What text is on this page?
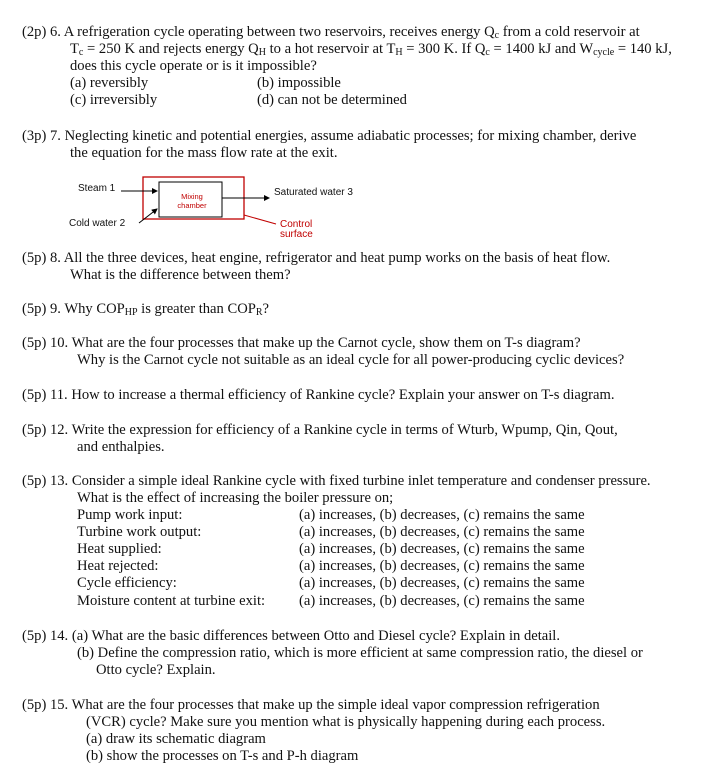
(2p) 6. A refrigeration cycle operating between two reservoirs, receives energy $Q_c$ from a cold reservoir at
$T_c = 250$ K and rejects energy $Q_H$ to a hot reservoir at $T_H = 300$ K. If $Q_c = 1400$ kJ and $W_{cycle} = 140$ kJ,
does this cycle operate or is it impossible?
(a) reversibly	(b) impossible
(c) irreversibly	(d) can not be determined
(3p) 7. Neglecting kinetic and potential energies, assume adiabatic processes; for mixing chamber, derive
the equation for the mass flow rate at the exit.
Steam 1
Cold water 2
Mixing
chamber
Saturated water 3
Control
surface
(5p) 8. All the three devices, heat engine, refrigerator and heat pump works on the basis of heat flow.
What is the difference between them?
(5p) 9. Why $COP_{HP}$ is greater than $COP_R$?
(5p) 10. What are the four processes that make up the Carnot cycle, show them on T-s diagram?
Why is the Carnot cycle not suitable as an ideal cycle for all power-producing cyclic devices?
(5p) 11. How to increase a thermal efficiency of Rankine cycle? Explain your answer on T-s diagram.
(5p) 12. Write the expression for efficiency of a Rankine cycle in terms of Wturb, Wpump, Qin, Qout,
and enthalpies.
(5p) 13. Consider a simple ideal Rankine cycle with fixed turbine inlet temperature and condenser pressure.
What is the effect of increasing the boiler pressure on;
Pump work input:	(a) increases, (b) decreases, (c) remains the same
Turbine work output:	(a) increases, (b) decreases, (c) remains the same
Heat supplied:	(a) increases, (b) decreases, (c) remains the same
Heat rejected:	(a) increases, (b) decreases, (c) remains the same
Cycle efficiency:	(a) increases, (b) decreases, (c) remains the same
Moisture content at turbine exit: (a) increases, (b) decreases, (c) remains the same
(5p) 14. (a) What are the basic differences between Otto and Diesel cycle? Explain in detail.
(b) Define the compression ratio, which is more efficient at same compression ratio, the diesel or
Otto cycle? Explain.
(5p) 15. What are the four processes that make up the simple ideal vapor compression refrigeration
(VCR) cycle? Make sure you mention what is physically happening during each process.
(a) draw its schematic diagram
(b) show the processes on T-s and P-h diagram
